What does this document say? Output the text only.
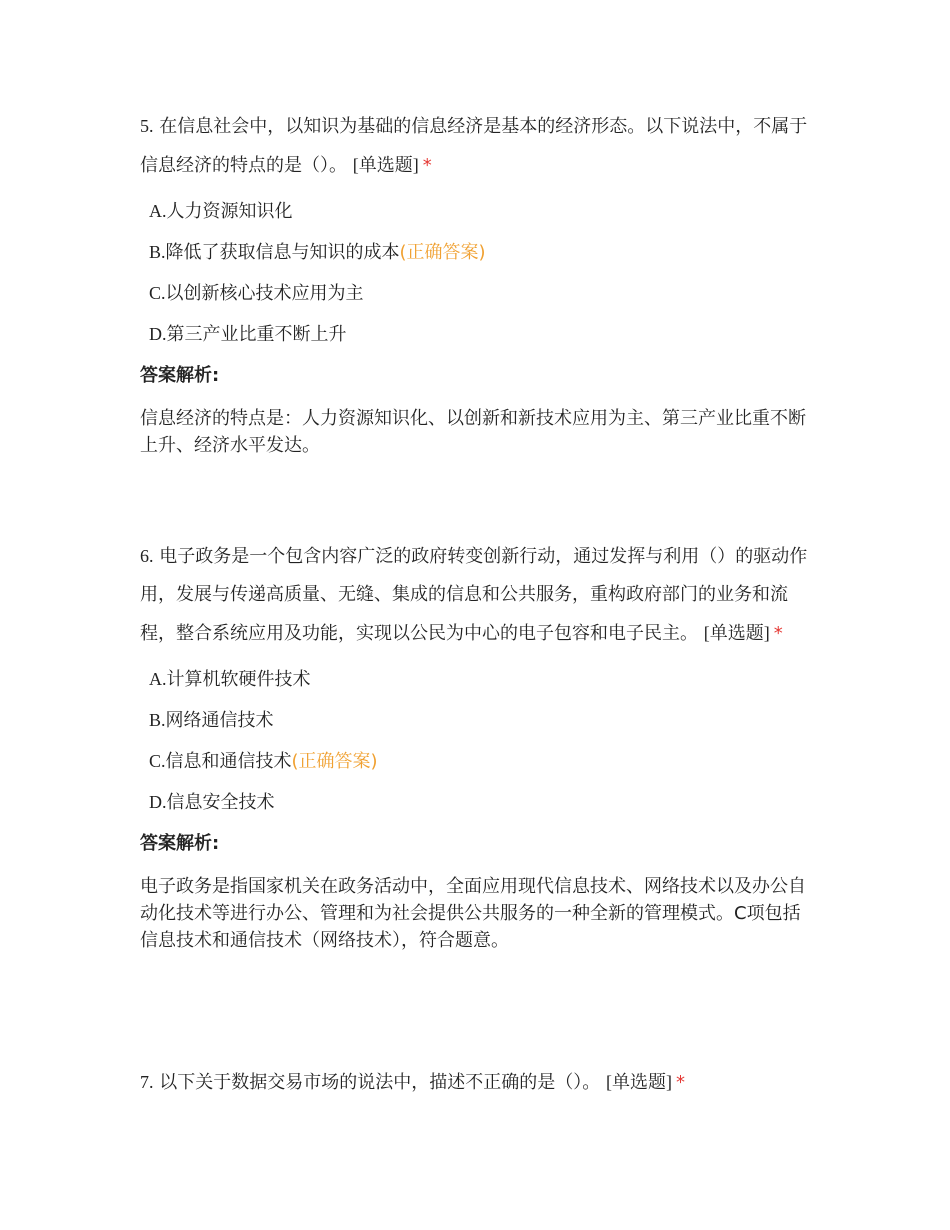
5. 在信息社会中，以知识为基础的信息经济是基本的经济形态。以下说法中，不属于信息经济的特点的是（）。 [单选题] *

A.人力资源知识化
B.降低了获取信息与知识的成本(正确答案)
C.以创新核心技术应用为主
D.第三产业比重不断上升

答案解析:

信息经济的特点是：人力资源知识化、以创新和新技术应用为主、第三产业比重不断上升、经济水平发达。

6. 电子政务是一个包含内容广泛的政府转变创新行动，通过发挥与利用（）的驱动作用，发展与传递高质量、无缝、集成的信息和公共服务，重构政府部门的业务和流程，整合系统应用及功能，实现以公民为中心的电子包容和电子民主。 [单选题] *

A.计算机软硬件技术
B.网络通信技术
C.信息和通信技术(正确答案)
D.信息安全技术

答案解析:

电子政务是指国家机关在政务活动中，全面应用现代信息技术、网络技术以及办公自动化技术等进行办公、管理和为社会提供公共服务的一种全新的管理模式。C项包括信息技术和通信技术（网络技术），符合题意。

7. 以下关于数据交易市场的说法中，描述不正确的是（）。 [单选题] *
